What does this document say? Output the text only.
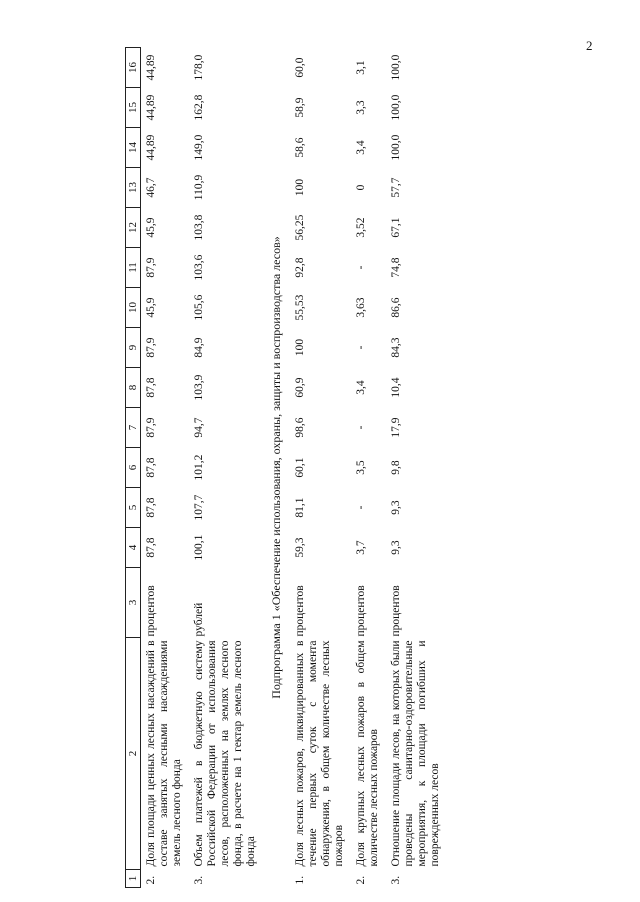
2
1	2	3	4	5	6	7	8	9	10	11	12	13	14	15	16
2.	Доля площади ценных лесных насаждений в составе занятых лесными насаждениями земель лесного фонда	процентов	87,8	87,8	87,8	87,9	87,8	87,9	45,9	87,9	45,9	46,7	44,89	44,89	44,89
3.	Объем платежей в бюджетную систему Российской Федерации от использования лесов, расположенных на землях лесного фонда, в расчете на 1 гектар земель лесного фонда	рублей	100,1	107,7	101,2	94,7	103,9	84,9	105,6	103,6	103,8	110,9	149,0	162,8	178,0
Подпрограмма 1 «Обеспечение использования, охраны, защиты и воспроизводства лесов»															
1.	Доля лесных пожаров, ликвидированных в течение первых суток с момента обнаружения, в общем количестве лесных пожаров	процентов	59,3	81,1	60,1	98,6	60,9	100	55,53	92,8	56,25	100	58,6	58,9	60,0
2.	Доля крупных лесных пожаров в общем количестве лесных пожаров	процентов	3,7	-	3,5	-	3,4	-	3,63	-	3,52	0	3,4	3,3	3,1
3.	Отношение площади лесов, на которых были проведены санитарно-оздоровительные мероприятия, к площади погибших и поврежденных лесов	процентов	9,3	9,3	9,8	17,9	10,4	84,3	86,6	74,8	67,1	57,7	100,0	100,0	100,0
